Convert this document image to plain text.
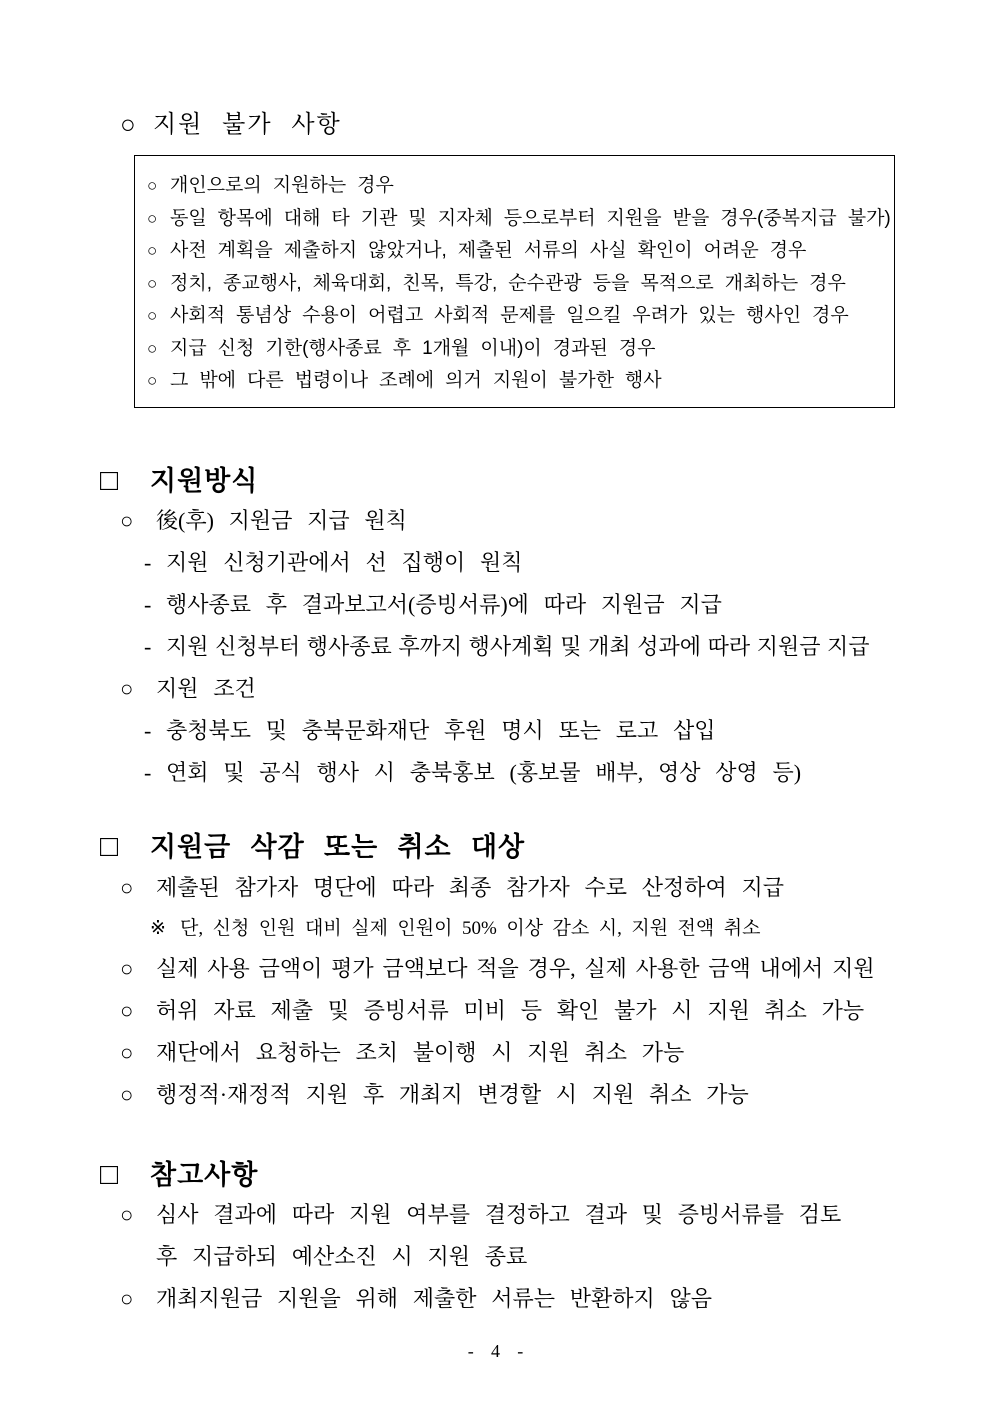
○ 지원 불가 사항
○ 개인으로의 지원하는 경우
○ 동일 항목에 대해 타 기관 및 지자체 등으로부터 지원을 받을 경우(중복지급 불가)
○ 사전 계획을 제출하지 않았거나, 제출된 서류의 사실 확인이 어려운 경우
○ 정치, 종교행사, 체육대회, 친목, 특강, 순수관광 등을 목적으로 개최하는 경우
○ 사회적 통념상 수용이 어렵고 사회적 문제를 일으킬 우려가 있는 행사인 경우
○ 지급 신청 기한(행사종료 후 1개월 이내)이 경과된 경우
○ 그 밖에 다른 법령이나 조례에 의거 지원이 불가한 행사
□	지원방식
○	後(후) 지원금 지급 원칙
- 지원 신청기관에서 선 집행이 원칙
- 행사종료 후 결과보고서(증빙서류)에 따라 지원금 지급
- 지원 신청부터 행사종료 후까지 행사계획 및 개최 성과에 따라 지원금 지급
○	지원 조건
- 충청북도 및 충북문화재단 후원 명시 또는 로고 삽입
- 연회 및 공식 행사 시 충북홍보 (홍보물 배부, 영상 상영 등)
□	지원금 삭감 또는 취소 대상
○	제출된 참가자 명단에 따라 최종 참가자 수로 산정하여 지급
※ 단, 신청 인원 대비 실제 인원이 50% 이상 감소 시, 지원 전액 취소
○	실제 사용 금액이 평가 금액보다 적을 경우, 실제 사용한 금액 내에서 지원
○	허위 자료 제출 및 증빙서류 미비 등 확인 불가 시 지원 취소 가능
○	재단에서 요청하는 조치 불이행 시 지원 취소 가능
○	행정적·재정적 지원 후 개최지 변경할 시 지원 취소 가능
□	참고사항
○	심사 결과에 따라 지원 여부를 결정하고 결과 및 증빙서류를 검토
후 지급하되 예산소진 시 지원 종료
○	개최지원금 지원을 위해 제출한 서류는 반환하지 않음
- 4 -
